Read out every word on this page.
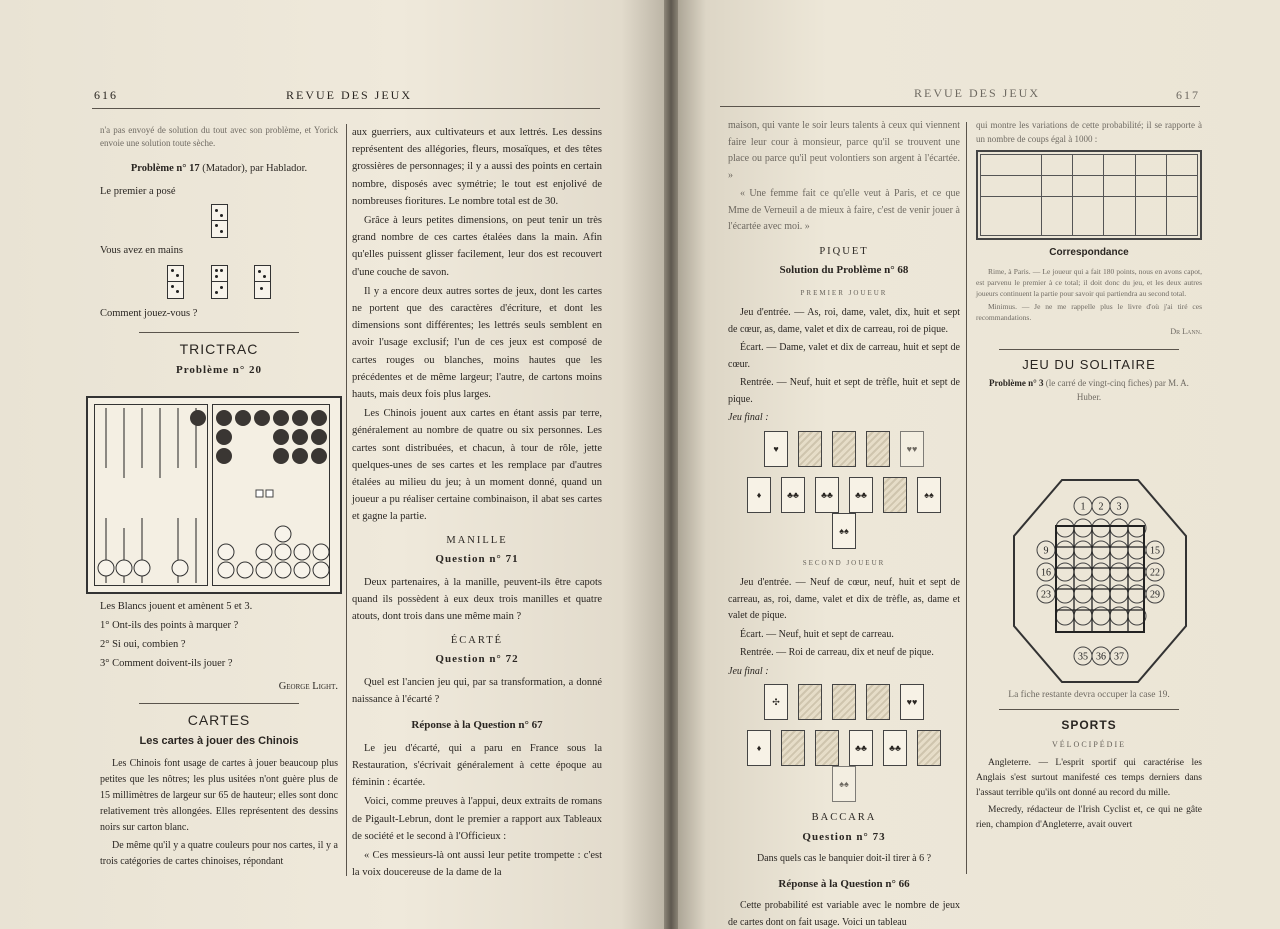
616	REVUE DES JEUX

n'a pas envoyé de solution du tout avec son problème, et Yorick envoie une solution toute sèche.

Problème n° 17 (Matador), par Hablador.

Le premier a posé

Vous avez en mains

Comment jouez-vous ?

TRICTRAC
Problème n° 20

Les Blancs jouent et amènent 5 et 3.

1° Ont-ils des points à marquer ?

2° Si oui, combien ?

3° Comment doivent-ils jouer ?

George Light.

CARTES
Les cartes à jouer des Chinois

Les Chinois font usage de cartes à jouer beaucoup plus petites que les nôtres; les plus usitées n'ont guère plus de 15 millimètres de largeur sur 65 de hauteur; elles sont donc relativement très allongées. Elles représentent des dessins noirs sur carton blanc.

De même qu'il y a quatre couleurs pour nos cartes, il y a trois catégories de cartes chinoises, répondant

aux guerriers, aux cultivateurs et aux lettrés. Les dessins représentent des allégories, fleurs, mosaïques, et des têtes grossières de personnages; il y a aussi des points en certain nombre, disposés avec symétrie; le tout est enjolivé de nombreuses fioritures. Le nombre total est de 30.

Grâce à leurs petites dimensions, on peut tenir un très grand nombre de ces cartes étalées dans la main. Afin qu'elles puissent glisser facilement, leur dos est recouvert d'une couche de savon.

Il y a encore deux autres sortes de jeux, dont les cartes ne portent que des caractères d'écriture, et dont les dimensions sont différentes; les lettrés seuls semblent en avoir l'usage exclusif; l'un de ces jeux est composé de cartes rouges ou blanches, moins hautes que les précédentes et de même largeur; l'autre, de cartons moins hauts, mais deux fois plus larges.

Les Chinois jouent aux cartes en étant assis par terre, généralement au nombre de quatre ou six personnes. Les cartes sont distribuées, et chacun, à tour de rôle, jette quelques-unes de ses cartes et les remplace par d'autres étalées au milieu du jeu; à un moment donné, quand un joueur a pu réaliser certaine combinaison, il abat ses cartes et gagne la partie.

MANILLE
Question n° 71

Deux partenaires, à la manille, peuvent-ils être capots quand ils possèdent à eux deux trois manilles et quatre atouts, dont trois dans une même main ?

ÉCARTÉ
Question n° 72

Quel est l'ancien jeu qui, par sa transformation, a donné naissance à l'écarté ?

Réponse à la Question n° 67

Le jeu d'écarté, qui a paru en France sous la Restauration, s'écrivait généralement à cette époque au féminin : écartée.

Voici, comme preuves à l'appui, deux extraits de romans de Pigault-Lebrun, dont le premier a rapport aux Tableaux de société et le second à l'Officieux :

« Ces messieurs-là ont aussi leur petite trompette : c'est la voix doucereuse de la dame de la

REVUE DES JEUX	617

maison, qui vante le soir leurs talents à ceux qui viennent faire leur cour à monsieur, parce qu'il se trouvent une place ou parce qu'il peut volontiers son argent à l'écartée. »

« Une femme fait ce qu'elle veut à Paris, et ce que Mme de Verneuil a de mieux à faire, c'est de venir jouer à l'écartée avec moi. »

PIQUET
Solution du Problème n° 68
PREMIER JOUEUR

Jeu d'entrée. — As, roi, dame, valet, dix, huit et sept de cœur, as, dame, valet et dix de carreau, roi de pique.

Écart. — Dame, valet et dix de carreau, huit et sept de cœur.

Rentrée. — Neuf, huit et sept de trèfle, huit et sept de pique.

Jeu final :

♥	♥♥
♦	♣♣ ♣♣ ♣♣	♠♠♠♠
SECOND JOUEUR

Jeu d'entrée. — Neuf de cœur, neuf, huit et sept de carreau, as, roi, dame, valet et dix de trèfle, as, dame et valet de pique.

Écart. — Neuf, huit et sept de carreau.

Rentrée. — Roi de carreau, dix et neuf de pique.

Jeu final :

✣	♥♥
♦	♣♣ ♣♣♠♠
BACCARA
Question n° 73

Dans quels cas le banquier doit-il tirer à 6 ?

Réponse à la Question n° 66

Cette probabilité est variable avec le nombre de jeux de cartes dont on fait usage. Voici un tableau

qui montre les variations de cette probabilité; il se rapporte à un nombre de coups égal à 1000 :

Correspondance

Rime, à Paris. — Le joueur qui a fait 180 points, nous en avons capot, est parvenu le premier à ce total; il doit donc du jeu, et les deux autres joueurs continuent la partie pour savoir qui partiendra au second total.

Minimus. — Je ne me rappelle plus le livre d'où j'ai tiré ces recommandations.

Dr Lann.

JEU DU SOLITAIRE
Problème n° 3 (le carré de vingt-cinq fiches) par M. A. Huber.
1 2 3
9	15
16	22
23	29
35 36 37

La fiche restante devra occuper la case 19.

SPORTS
VÉLOCIPÉDIE

Angleterre. — L'esprit sportif qui caractérise les Anglais s'est surtout manifesté ces temps derniers dans l'assaut terrible qu'ils ont donné au record du mille.

Mecredy, rédacteur de l'Irish Cyclist et, ce qui ne gâte rien, champion d'Angleterre, avait ouvert
